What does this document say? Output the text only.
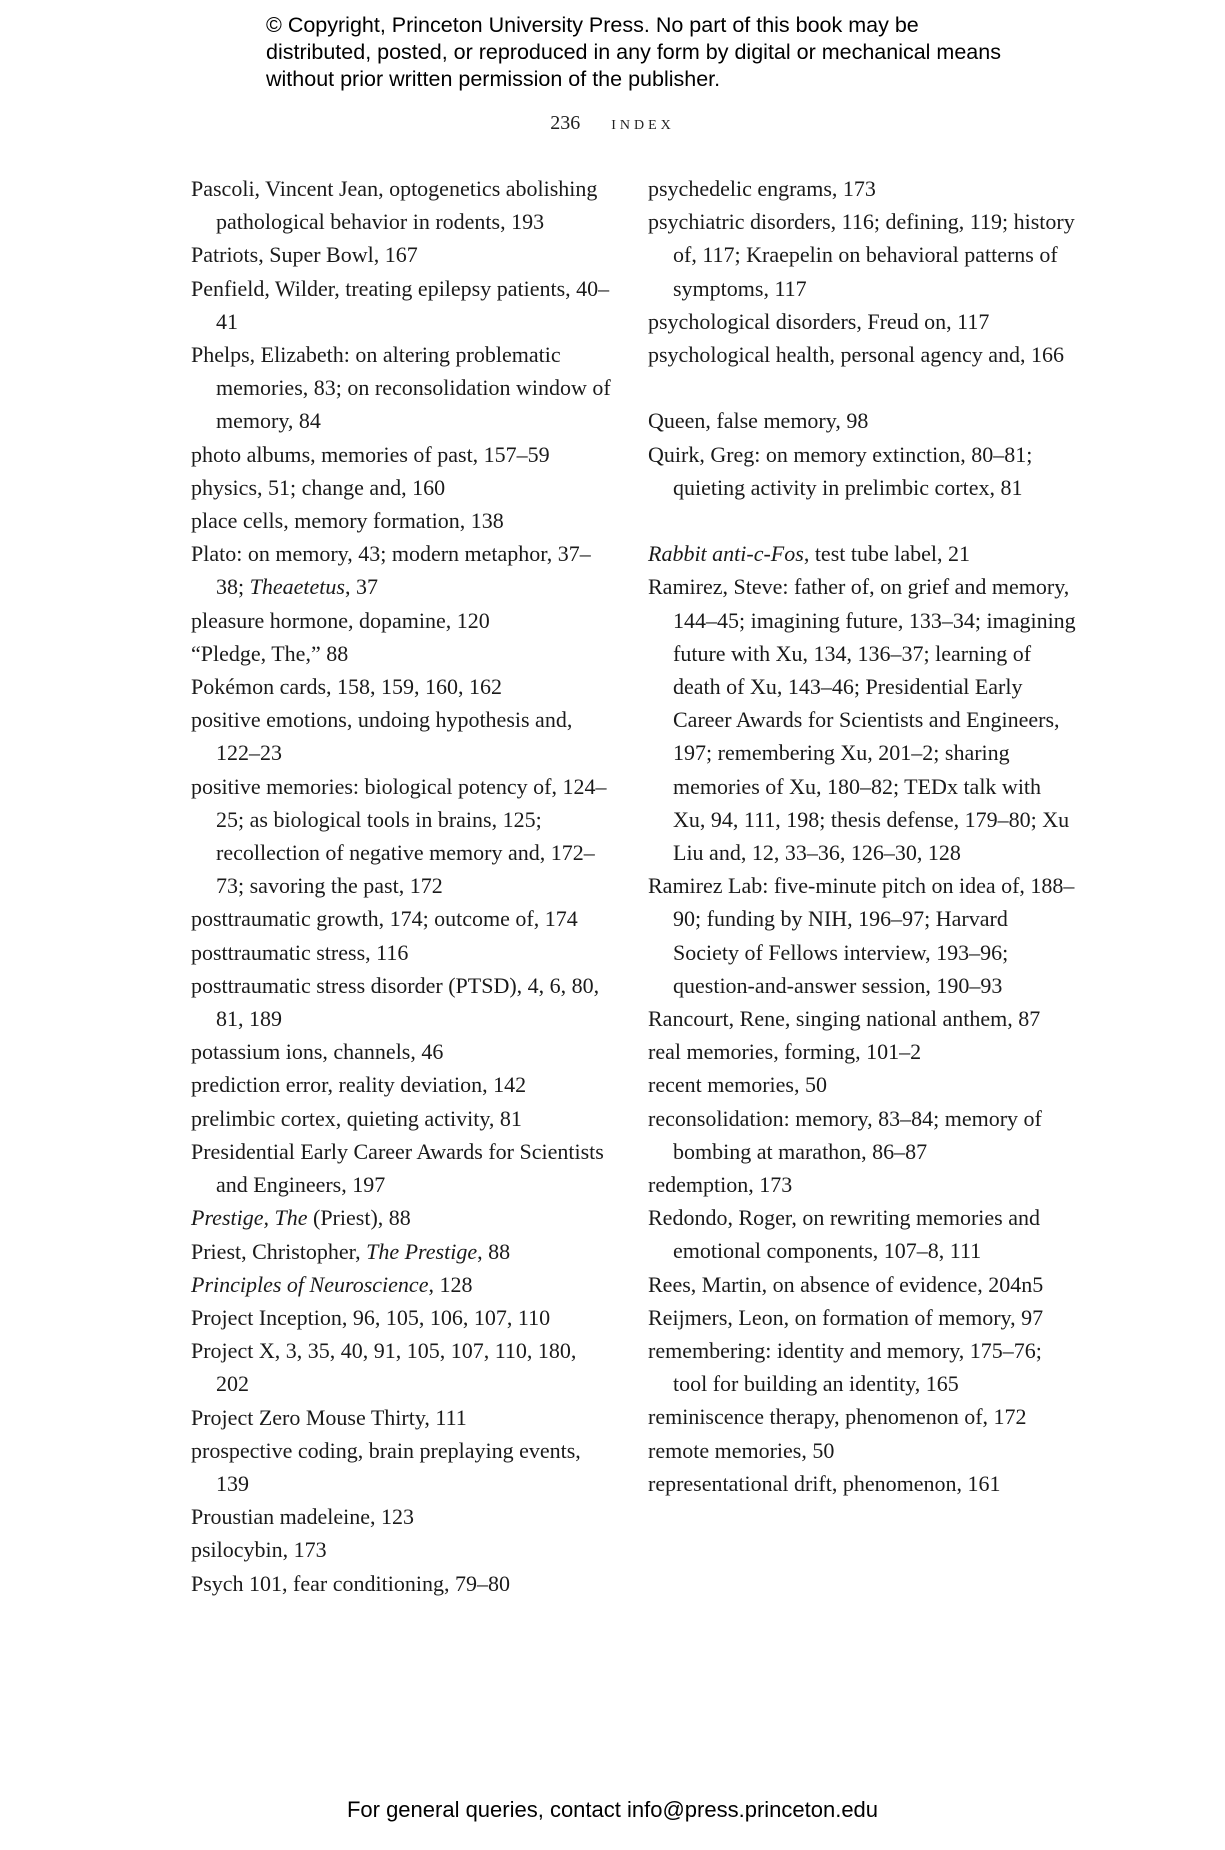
© Copyright, Princeton University Press. No part of this book may be distributed, posted, or reproduced in any form by digital or mechanical means without prior written permission of the publisher.
236 index
Pascoli, Vincent Jean, optogenetics abolishing pathological behavior in rodents, 193
Patriots, Super Bowl, 167
Penfield, Wilder, treating epilepsy patients, 40–41
Phelps, Elizabeth: on altering problematic memories, 83; on reconsolidation window of memory, 84
photo albums, memories of past, 157–59
physics, 51; change and, 160
place cells, memory formation, 138
Plato: on memory, 43; modern metaphor, 37–38; Theaetetus, 37
pleasure hormone, dopamine, 120
“Pledge, The,” 88
Pokémon cards, 158, 159, 160, 162
positive emotions, undoing hypothesis and, 122–23
positive memories: biological potency of, 124–25; as biological tools in brains, 125; recollection of negative memory and, 172–73; savoring the past, 172
posttraumatic growth, 174; outcome of, 174
posttraumatic stress, 116
posttraumatic stress disorder (PTSD), 4, 6, 80, 81, 189
potassium ions, channels, 46
prediction error, reality deviation, 142
prelimbic cortex, quieting activity, 81
Presidential Early Career Awards for Scientists and Engineers, 197
Prestige, The (Priest), 88
Priest, Christopher, The Prestige, 88
Principles of Neuroscience, 128
Project Inception, 96, 105, 106, 107, 110
Project X, 3, 35, 40, 91, 105, 107, 110, 180, 202
Project Zero Mouse Thirty, 111
prospective coding, brain preplaying events, 139
Proustian madeleine, 123
psilocybin, 173
Psych 101, fear conditioning, 79–80
psychedelic engrams, 173
psychiatric disorders, 116; defining, 119; history of, 117; Kraepelin on behavioral patterns of symptoms, 117
psychological disorders, Freud on, 117
psychological health, personal agency and, 166
Queen, false memory, 98
Quirk, Greg: on memory extinction, 80–81; quieting activity in prelimbic cortex, 81
Rabbit anti-c-Fos, test tube label, 21
Ramirez, Steve: father of, on grief and memory, 144–45; imagining future, 133–34; imagining future with Xu, 134, 136–37; learning of death of Xu, 143–46; Presidential Early Career Awards for Scientists and Engineers, 197; remembering Xu, 201–2; sharing memories of Xu, 180–82; TEDx talk with Xu, 94, 111, 198; thesis defense, 179–80; Xu Liu and, 12, 33–36, 126–30, 128
Ramirez Lab: five-minute pitch on idea of, 188–90; funding by NIH, 196–97; Harvard Society of Fellows interview, 193–96; question-and-answer session, 190–93
Rancourt, Rene, singing national anthem, 87
real memories, forming, 101–2
recent memories, 50
reconsolidation: memory, 83–84; memory of bombing at marathon, 86–87
redemption, 173
Redondo, Roger, on rewriting memories and emotional components, 107–8, 111
Rees, Martin, on absence of evidence, 204n5
Reijmers, Leon, on formation of memory, 97
remembering: identity and memory, 175–76; tool for building an identity, 165
reminiscence therapy, phenomenon of, 172
remote memories, 50
representational drift, phenomenon, 161
For general queries, contact info@press.princeton.edu
